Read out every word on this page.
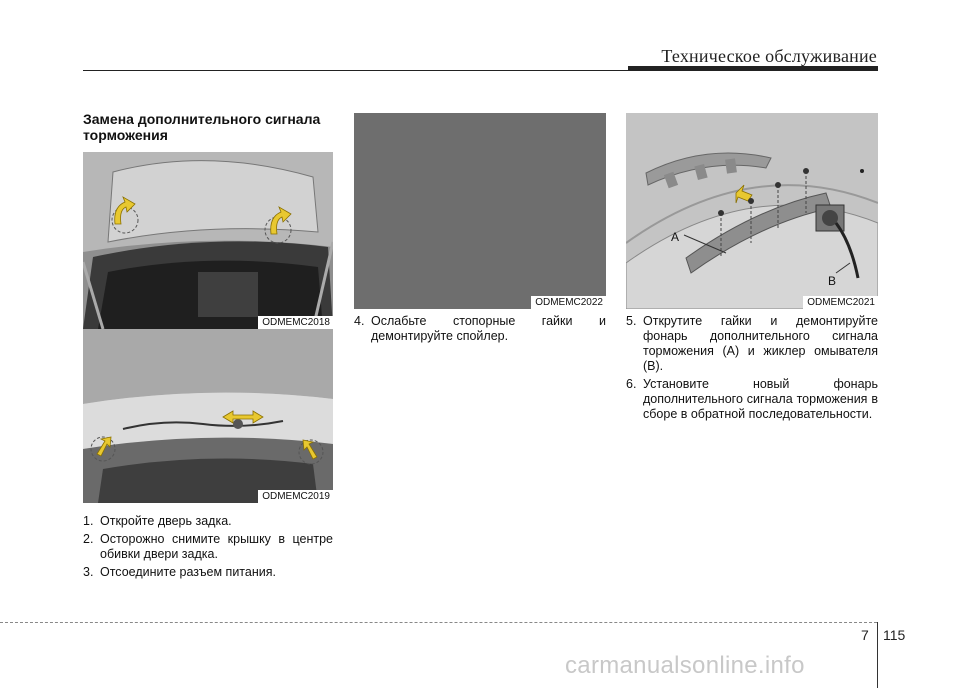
Техническое обслуживание
Замена дополнительного сигнала торможения
ODMEMC2018
ODMEMC2019
1. Откройте дверь задка.
2. Осторожно снимите крышку в центре обивки двери задка.
3. Отсоедините разъем питания.
ODMEMC2022
4. Ослабьте стопорные гайки и демонтируйте спойлер.
A
B
ODMEMC2021
5. Открутите гайки и демонтируйте фонарь дополнительного сигнала торможения (A) и жиклер омывателя (B).
6. Установите новый фонарь дополнительного сигнала торможения в сборе в обратной последовательности.
7 115
carmanualsonline.info
